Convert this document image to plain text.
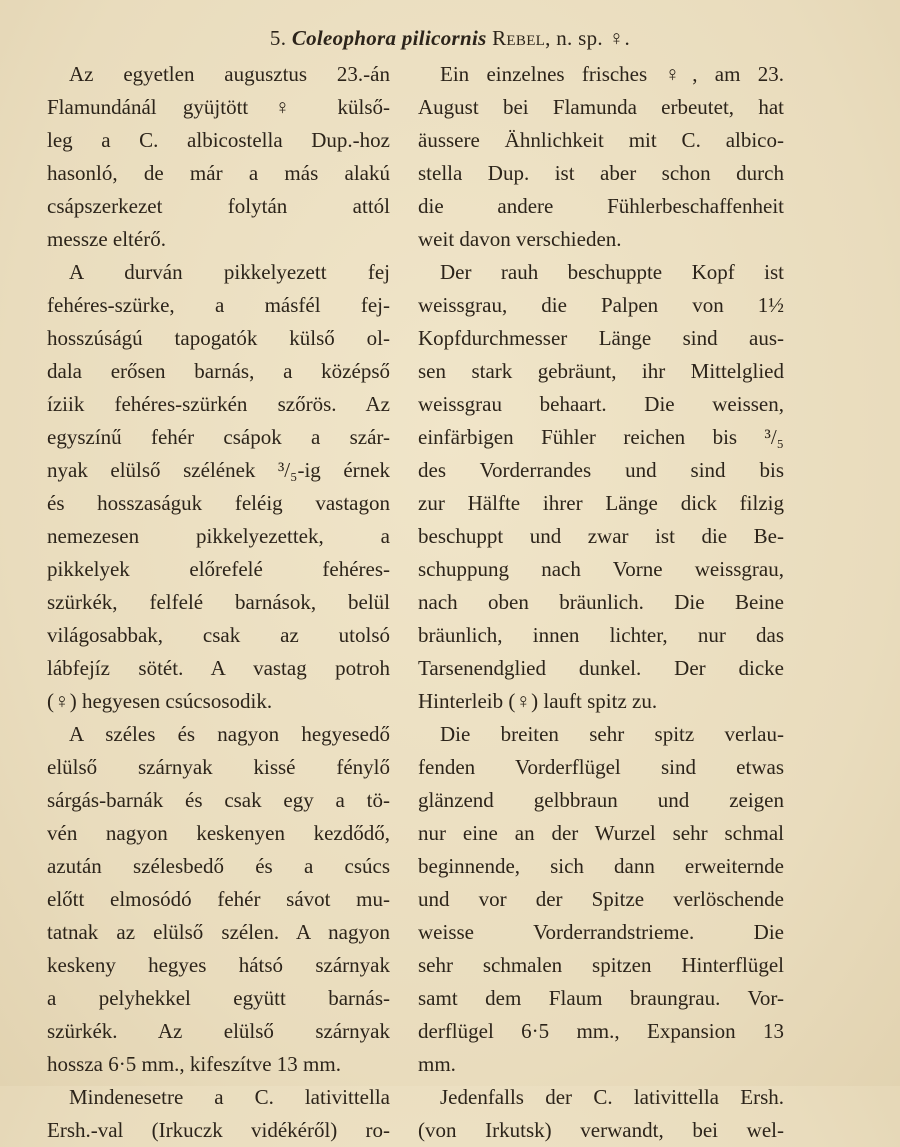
5. Coleophora pilicornis Rebel, n. sp. ♀.
Az egyetlen augusztus 23.-án
Flamundánál gyüjtött ♀ külső-
leg a C. albicostella Dup.-hoz
hasonló, de már a más alakú
csápszerkezet folytán attól
messze eltérő.
A durván pikkelyezett fej
fehéres-szürke, a másfél fej-
hosszúságú tapogatók külső ol-
dala erősen barnás, a középső
íziik fehéres-szürkén szőrös. Az
egyszínű fehér csápok a szár-
nyak elülső szélének ³/₅-ig érnek
és hosszaságuk feléig vastagon
nemezesen pikkelyezettek, a
pikkelyek előrefelé fehéres-
szürkék, felfelé barnások, belül
világosabbak, csak az utolsó
lábfejíz sötét. A vastag potroh
(♀) hegyesen csúcsosodik.
A széles és nagyon hegyesedő
elülső szárnyak kissé fénylő
sárgás-barnák és csak egy a tö-
vén nagyon keskenyen kezdődő,
azután szélesbedő és a csúcs
előtt elmosódó fehér sávot mu-
tatnak az elülső szélen. A nagyon
keskeny hegyes hátsó szárnyak
a pelyhekkel együtt barnás-
szürkék. Az elülső szárnyak
hossza 6·5 mm., kifeszítve 13 mm.
Mindenesetre a C. lativittella
Ersh.-val (Irkuczk vidékéről) ro-
Ein einzelnes frisches ♀, am 23.
August bei Flamunda erbeutet, hat
äussere Ähnlichkeit mit C. albico-
stella Dup. ist aber schon durch
die andere Fühlerbeschaffenheit
weit davon verschieden.
Der rauh beschuppte Kopf ist
weissgrau, die Palpen von 1½
Kopfdurchmesser Länge sind aus-
sen stark gebräunt, ihr Mittelglied
weissgrau behaart. Die weissen,
einfärbigen Fühler reichen bis ³/₅
des Vorderrandes und sind bis
zur Hälfte ihrer Länge dick filzig
beschuppt und zwar ist die Be-
schuppung nach Vorne weissgrau,
nach oben bräunlich. Die Beine
bräunlich, innen lichter, nur das
Tarsenendglied dunkel. Der dicke
Hinterleib (♀) lauft spitz zu.
Die breiten sehr spitz verlau-
fenden Vorderflügel sind etwas
glänzend gelbbraun und zeigen
nur eine an der Wurzel sehr schmal
beginnende, sich dann erweiternde
und vor der Spitze verlöschende
weisse Vorderrandstrieme. Die
sehr schmalen spitzen Hinterflügel
samt dem Flaum braungrau. Vor-
derflügel 6·5 mm., Expansion 13
mm.
Jedenfalls der C. lativittella Ersh.
(von Irkutsk) verwandt, bei wel-
